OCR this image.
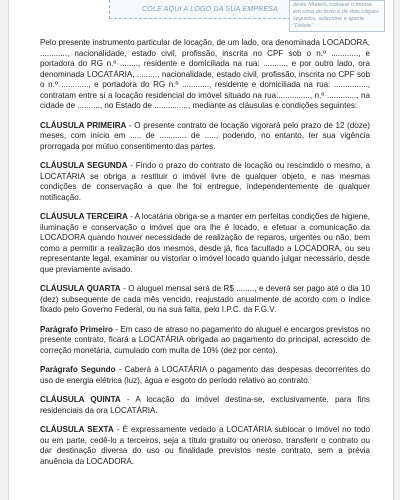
COLE AQUI A LOGO DA SUA EMPRESA
deste Modelo, coloque o mouse em cima do texto e dê dois cliques seguidos, selecione e aperte "Delete"

Pelo presente instrumento particular de locação, de um lado, ora denominada LOCADORA, ............, nacionalidade, estado civil, profissão, inscrita no CPF sob o n.º ............, e portadora do RG n.º ........, residente e domiciliada na rua: .........., e por outro lado, ora denominada LOCATÁRIA, ........., nacionalidade, estado civil, profissão, inscrita no CPF sob o n.º ............, e portadora do RG n.º ............, residente e domiciliada na rua: ..............., contratam entre si a locação residencial do imóvel situado na rua:.............., n.º ............., na cidade de .........., no Estado de ..............., mediante as cláusulas e condições seguintes:

CLÁUSULA PRIMEIRA - O presente contrato de locação vigorará pelo prazo de 12 (doze) meses, com início em ..... de ............ de ....., podendo, no entanto, ter sua vigência prorrogada por mútuo consentimento das partes.

CLÁUSULA SEGUNDA - Findo o prazo do contrato de locação ou rescindido o mesmo, a LOCATÁRIA se obriga a restituir o imóvel livre de qualquer objeto, e nas mesmas condições de conservação a que lhe foi entregue, independentemente de qualquer notificação.

CLÁUSULA TERCEIRA - A locatária obriga-se a manter em perfeitas condições de higiene, iluminação e conservação o imóvel que ora lhe é locado, e efetuar a comunicação da LOCADORA quando houver necessidade de realização de reparos, urgentes ou não, bem como a permitir a realização dos mesmos, desde já, fica facultado a LOCADORA, ou seu representante legal, examinar ou vistoriar o imóvel locado quando julgar necessário, desde que previamente avisado.

CLÁUSULA QUARTA - O aluguel mensal será de R$ ........, e deverá ser pago até o dia 10 (dez) subsequente de cada mês vencido, reajustado anualmente de acordo com o índice fixado pelo Governo Federal, ou na sua falta, pelo I.P.C. da F.G.V.

Parágrafo Primeiro - Em caso de atraso no pagamento do aluguel e encargos previstos no presente contrato, ficará a LOCATÁRIA obrigada ao pagamento do principal, acrescido de correção monetária, cumulado com multa de 10% (dez por cento).

Parágrafo Segundo - Caberá à LOCATÁRIA o pagamento das despesas decorrentes do uso de energia elétrica (luz), água e esgoto do período relativo ao contrato.

CLÁUSULA QUINTA - A locação do imóvel destina-se, exclusivamente, para fins residenciais da ora LOCATÁRIA.

CLÁUSULA SEXTA - É expressamente vedado a LOCATÁRIA sublocar o imóvel no todo ou em parte, cedê-lo a terceiros, seja a título gratuito ou oneroso, transferir o contrato ou dar destinação diversa do uso ou finalidade previstos neste contrato, sem a prévia anuência da LOCADORA.
